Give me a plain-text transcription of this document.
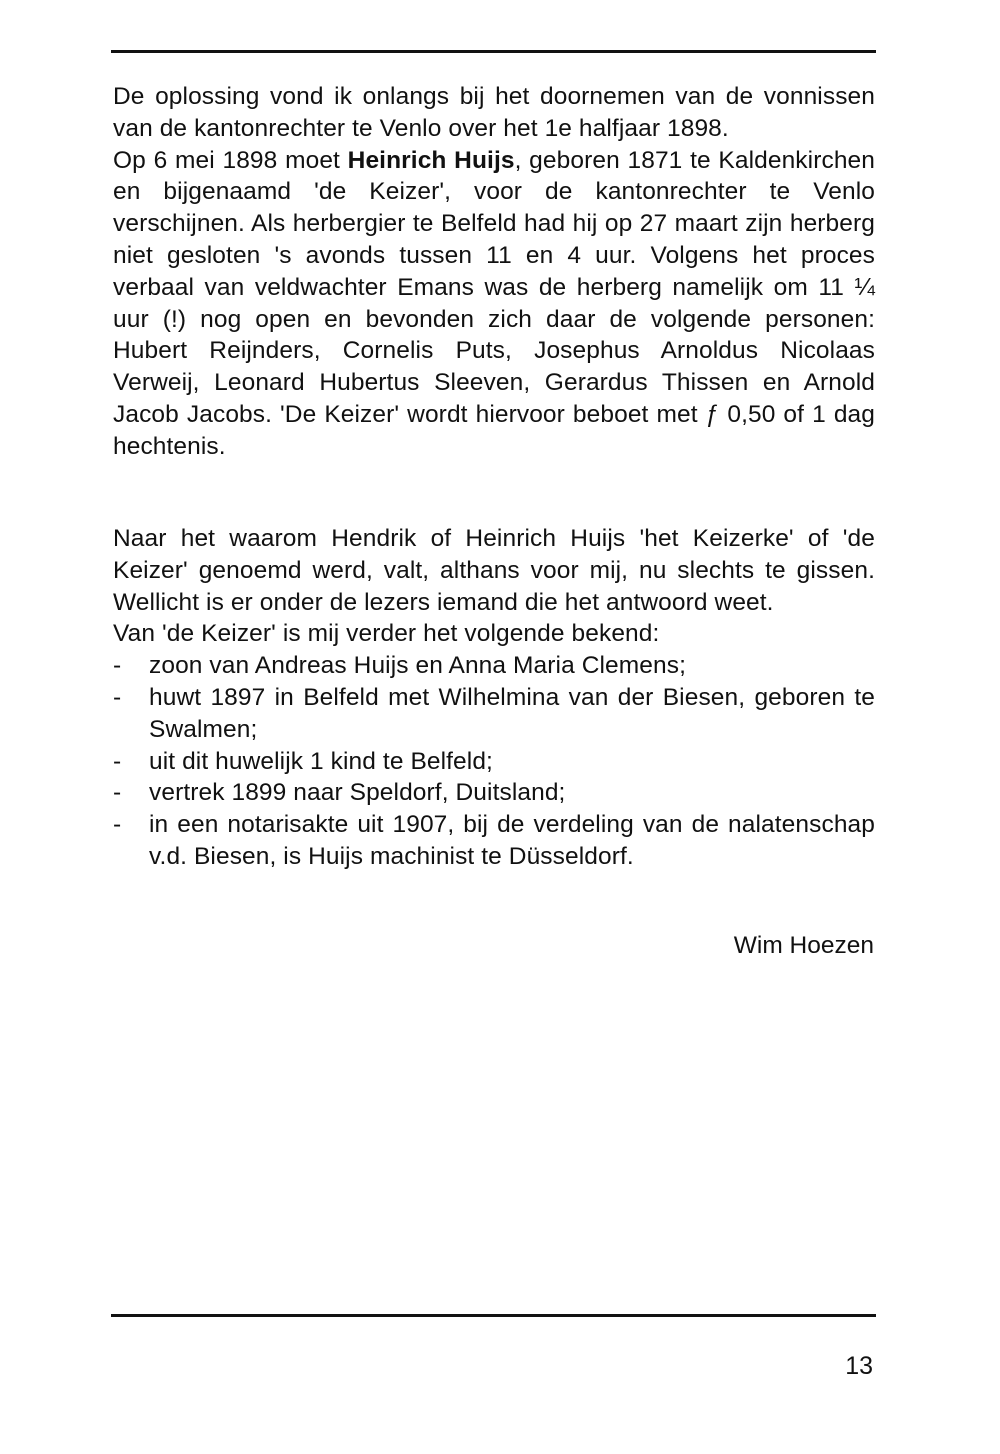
De oplossing vond ik onlangs bij het doornemen van de vonnissen van de kantonrechter te Venlo over het 1e halfjaar 1898.

Op 6 mei 1898 moet Heinrich Huijs, geboren 1871 te Kaldenkirchen en bijgenaamd 'de Keizer', voor de kantonrechter te Venlo verschijnen. Als herbergier te Belfeld had hij op 27 maart zijn herberg niet gesloten 's avonds tussen 11 en 4 uur. Volgens het proces verbaal van veldwachter Emans was de herberg namelijk om 11 ¼ uur (!) nog open en bevonden zich daar de volgende personen: Hubert Reijnders, Cornelis Puts, Josephus Arnoldus Nicolaas Verweij, Leonard Hubertus Sleeven, Gerardus Thissen en Arnold Jacob Jacobs. 'De Keizer' wordt hiervoor beboet met ƒ 0,50 of 1 dag hechtenis.

Naar het waarom Hendrik of Heinrich Huijs 'het Keizerke' of 'de Keizer' genoemd werd, valt, althans voor mij, nu slechts te gissen. Wellicht is er onder de lezers iemand die het antwoord weet.

Van 'de Keizer' is mij verder het volgende bekend:

- zoon van Andreas Huijs en Anna Maria Clemens;
- huwt 1897 in Belfeld met Wilhelmina van der Biesen, geboren te Swalmen;
- uit dit huwelijk 1 kind te Belfeld;
- vertrek 1899 naar Speldorf, Duitsland;
- in een notarisakte uit 1907, bij de verdeling van de nalatenschap v.d. Biesen, is Huijs machinist te Düsseldorf.
Wim Hoezen
13
